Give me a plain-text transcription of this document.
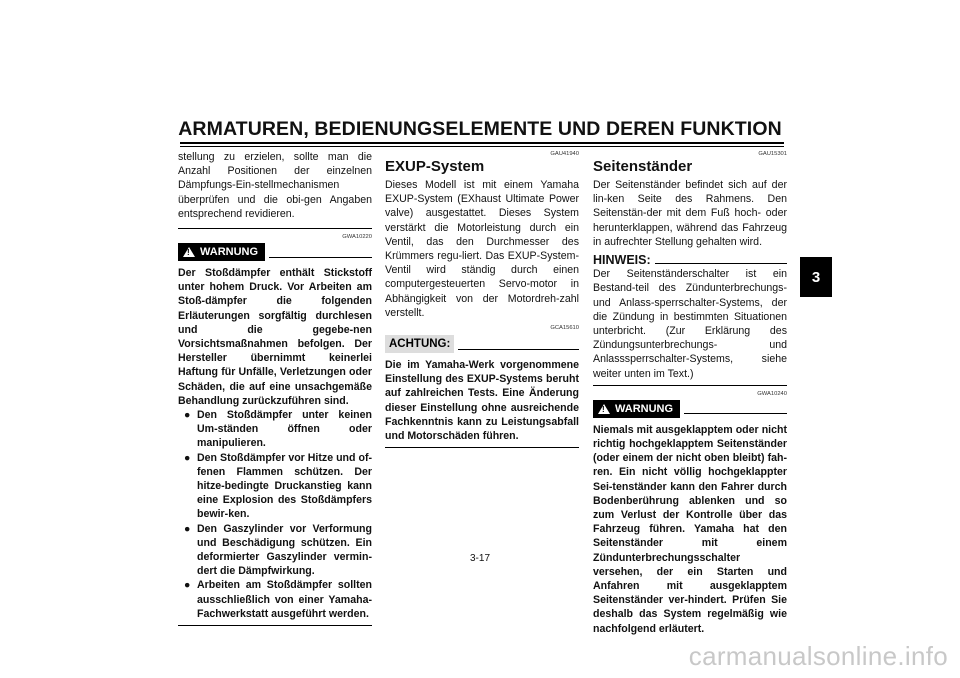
ARMATUREN, BEDIENUNGSELEMENTE UND DEREN FUNKTION
3

stellung zu erzielen, sollte man die Anzahl Positionen der einzelnen Dämpfungs-Ein-stellmechanismen überprüfen und die obi-gen Angaben entsprechend revidieren.

GWA10220
! WARNUNG

Der Stoßdämpfer enthält Stickstoff unter hohem Druck. Vor Arbeiten am Stoß-dämpfer die folgenden Erläuterungen sorgfältig durchlesen und die gegebe-nen Vorsichtsmaßnahmen befolgen. Der Hersteller übernimmt keinerlei Haftung für Unfälle, Verletzungen oder Schäden, die auf eine unsachgemäße Behandlung zurückzuführen sind.

● Den Stoßdämpfer unter keinen Um-ständen öffnen oder manipulieren.
● Den Stoßdämpfer vor Hitze und of-fenen Flammen schützen. Der hitze-bedingte Druckanstieg kann eine Explosion des Stoßdämpfers bewir-ken.
● Den Gaszylinder vor Verformung und Beschädigung schützen. Ein deformierter Gaszylinder vermin-dert die Dämpfwirkung.
● Arbeiten am Stoßdämpfer sollten ausschließlich von einer Yamaha-Fachwerkstatt ausgeführt werden.
GAU41940
EXUP-System

Dieses Modell ist mit einem Yamaha EXUP-System (EXhaust Ultimate Power valve) ausgestattet. Dieses System verstärkt die Motorleistung durch ein Ventil, das den Durchmesser des Krümmers regu-liert. Das EXUP-System-Ventil wird ständig durch einen computergesteuerten Servo-motor in Abhängigkeit von der Motordreh-zahl verstellt.

GCA15610
ACHTUNG:

Die im Yamaha-Werk vorgenommene Einstellung des EXUP-Systems beruht auf zahlreichen Tests. Eine Änderung dieser Einstellung ohne ausreichende Fachkenntnis kann zu Leistungsabfall und Motorschäden führen.

GAU15301
Seitenständer

Der Seitenständer befindet sich auf der lin-ken Seite des Rahmens. Den Seitenstän-der mit dem Fuß hoch- oder herunterklappen, während das Fahrzeug in aufrechter Stellung gehalten wird.

HINWEIS:

Der Seitenständerschalter ist ein Bestand-teil des Zündunterbrechungs- und Anlass-sperrschalter-Systems, der die Zündung in bestimmten Situationen unterbricht. (Zur Erklärung des Zündungsunterbrechungs- und Anlasssperrschalter-Systems, siehe weiter unten im Text.)

GWA10240
! WARNUNG

Niemals mit ausgeklapptem oder nicht richtig hochgeklapptem Seitenständer (oder einem der nicht oben bleibt) fah-ren. Ein nicht völlig hochgeklappter Sei-tenständer kann den Fahrer durch Bodenberührung ablenken und so zum Verlust der Kontrolle über das Fahrzeug führen. Yamaha hat den Seitenständer mit einem Zündunterbrechungsschalter versehen, der ein Starten und Anfahren mit ausgeklapptem Seitenständer ver-hindert. Prüfen Sie deshalb das System regelmäßig wie nachfolgend erläutert.

3-17
carmanualsonline.info
